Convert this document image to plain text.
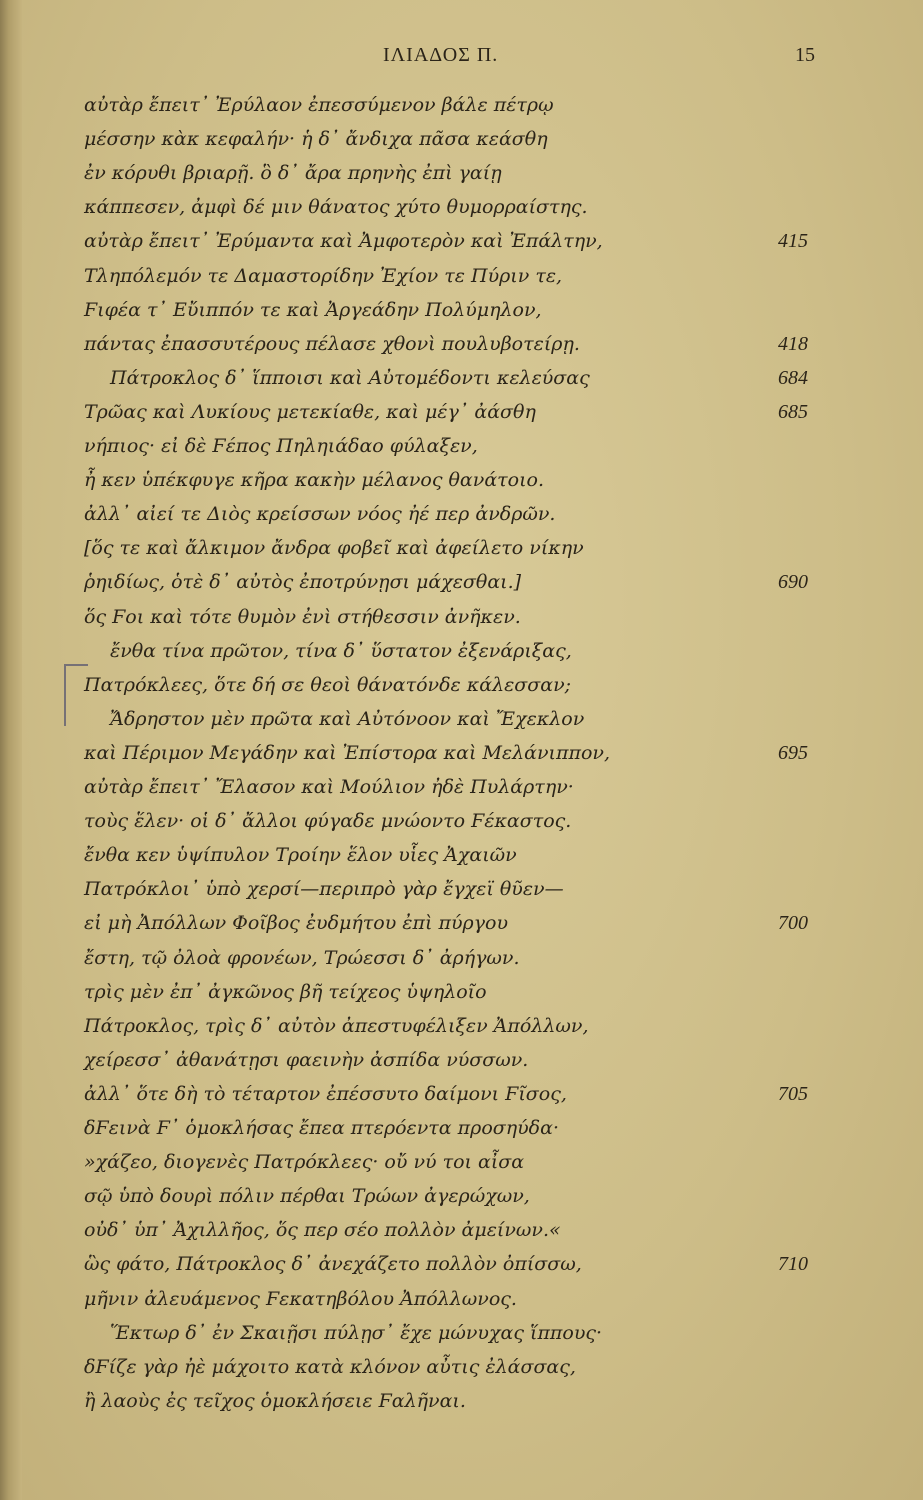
ΙΛΙΑΔΟΣ Π.	15
αὐτὰρ ἔπειτ᾽ Ἐρύλαον ἐπεσσύμενον βάλε πέτρῳ
μέσσην κὰκ κεφαλήν· ἡ δ᾽ ἄνδιχα πᾶσα κεάσθη
ἐν κόρυθι βριαρῇ. ὃ δ᾽ ἄρα πρηνὴς ἐπὶ γαίῃ
κάππεσεν, ἀμφὶ δέ μιν θάνατος χύτο θυμορραίστης.
αὐτὰρ ἔπειτ᾽ Ἐρύμαντα καὶ Ἀμφοτερὸν καὶ Ἐπάλτην,	415
Τληπόλεμόν τε Δαμαστορίδην Ἐχίον τε Πύριν τε,
Ϝιφέα τ᾽ Εὔιππόν τε καὶ Ἀργεάδην Πολύμηλον,
πάντας ἐπασσυτέρους πέλασε χθονὶ πουλυβοτείρῃ.	418
Πάτροκλος δ᾽ ἵπποισι καὶ Αὐτομέδοντι κελεύσας	684
Τρῶας καὶ Λυκίους μετεκίαθε, καὶ μέγ᾽ ἀάσθη	685
νήπιος· εἰ δὲ Ϝέπος Πηληιάδαο φύλαξεν,
ἦ κεν ὑπέκφυγε κῆρα κακὴν μέλανος θανάτοιο.
ἀλλ᾽ αἰεί τε Διὸς κρείσσων νόος ἠέ περ ἀνδρῶν.
[ὅς τε καὶ ἄλκιμον ἄνδρα φοβεῖ καὶ ἀφείλετο νίκην
ῥηιδίως, ὁτὲ δ᾽ αὐτὸς ἐποτρύνῃσι μάχεσθαι.]	690
ὅς Ϝοι καὶ τότε θυμὸν ἐνὶ στήθεσσιν ἀνῆκεν.
ἔνθα τίνα πρῶτον, τίνα δ᾽ ὕστατον ἐξενάριξας,
Πατρόκλεες, ὅτε δή σε θεοὶ θάνατόνδε κάλεσσαν;
Ἄδρηστον μὲν πρῶτα καὶ Αὐτόνοον καὶ Ἔχεκλον
καὶ Πέριμον Μεγάδην καὶ Ἐπίστορα καὶ Μελάνιππον,	695
αὐτὰρ ἔπειτ᾽ Ἔλασον καὶ Μούλιον ἠδὲ Πυλάρτην·
τοὺς ἕλεν· οἱ δ᾽ ἄλλοι φύγαδε μνώοντο Ϝέκαστος.
ἔνθα κεν ὑψίπυλον Τροίην ἕλον υἷες Ἀχαιῶν
Πατρόκλοι᾽ ὑπὸ χερσί—περιπρὸ γὰρ ἔγχεϊ θῦεν—
εἰ μὴ Ἀπόλλων Φοῖβος ἐυδμήτου ἐπὶ πύργου	700
ἔστη, τῷ ὀλοὰ φρονέων, Τρώεσσι δ᾽ ἀρήγων.
τρὶς μὲν ἐπ᾽ ἀγκῶνος βῆ τείχεος ὑψηλοῖο
Πάτροκλος, τρὶς δ᾽ αὐτὸν ἀπεστυφέλιξεν Ἀπόλλων,
χείρεσσ᾽ ἀθανάτῃσι φαεινὴν ἀσπίδα νύσσων.
ἀλλ᾽ ὅτε δὴ τὸ τέταρτον ἐπέσσυτο δαίμονι Ϝῖσος,	705
δϜεινὰ Ϝ᾽ ὁμοκλήσας ἔπεα πτερόεντα προσηύδα·
»χάζεο, διογενὲς Πατρόκλεες· οὔ νύ τοι αἶσα
σῷ ὑπὸ δουρὶ πόλιν πέρθαι Τρώων ἀγερώχων,
οὐδ᾽ ὑπ᾽ Ἀχιλλῆος, ὅς περ σέο πολλὸν ἀμείνων.«
ὣς φάτο, Πάτροκλος δ᾽ ἀνεχάζετο πολλὸν ὀπίσσω,	710
μῆνιν ἀλευάμενος Ϝεκατηβόλου Ἀπόλλωνος.
Ἕκτωρ δ᾽ ἐν Σκαιῇσι πύλῃσ᾽ ἔχε μώνυχας ἵππους·
δϜίζε γὰρ ἠὲ μάχοιτο κατὰ κλόνον αὖτις ἐλάσσας,
ἢ λαοὺς ἐς τεῖχος ὁμοκλήσειε Ϝαλῆναι.
